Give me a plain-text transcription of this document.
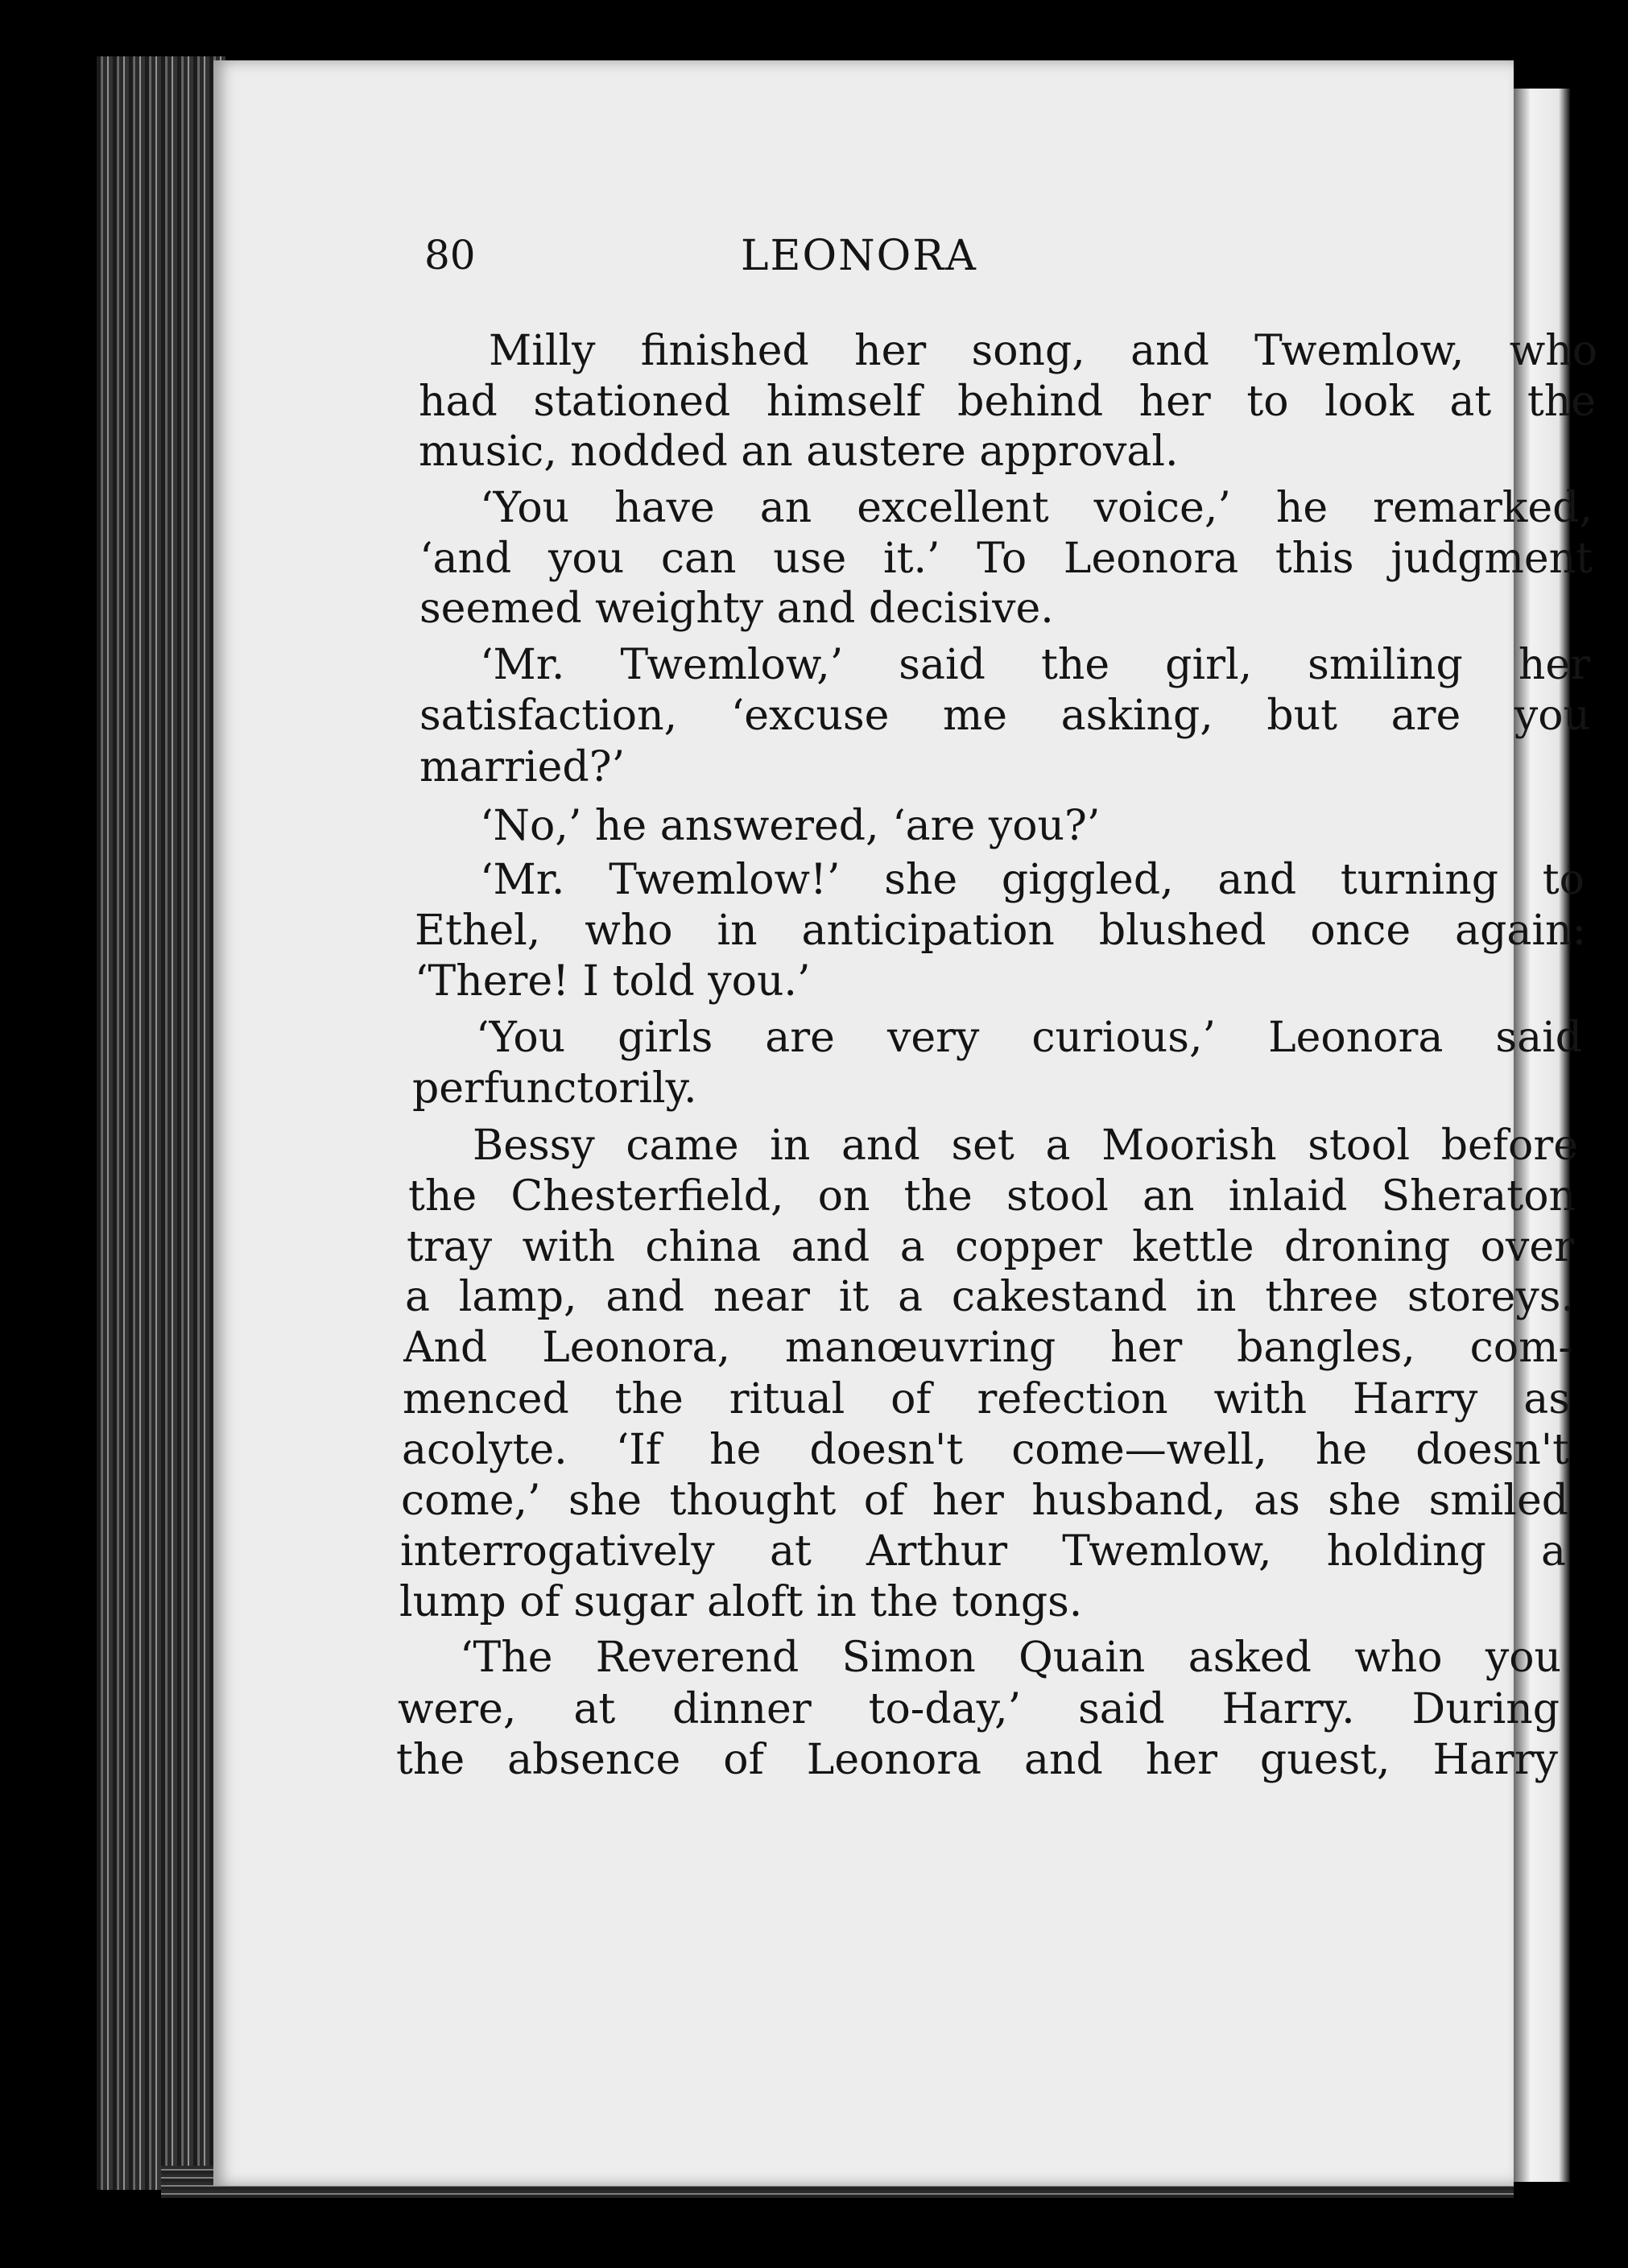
80	LEONORA
Milly finished her song, and Twemlow, who
had stationed himself behind her to look at the
music, nodded an austere approval.
‘You have an excellent voice,’ he remarked,
‘and you can use it.’ To Leonora this judgment
seemed weighty and decisive.
‘Mr. Twemlow,’ said the girl, smiling her
satisfaction, ‘excuse me asking, but are you
married?’
‘No,’ he answered, ‘are you?’
‘Mr. Twemlow!’ she giggled, and turning to
Ethel, who in anticipation blushed once again:
‘There! I told you.’
‘You girls are very curious,’ Leonora said
perfunctorily.
Bessy came in and set a Moorish stool before
the Chesterfield, on the stool an inlaid Sheraton
tray with china and a copper kettle droning over
a lamp, and near it a cakestand in three storeys.
And Leonora, manœuvring her bangles, com-
menced the ritual of refection with Harry as
acolyte. ‘If he doesn't come—well, he doesn't
come,’ she thought of her husband, as she smiled
interrogatively at Arthur Twemlow, holding a
lump of sugar aloft in the tongs.
‘The Reverend Simon Quain asked who you
were, at dinner to-day,’ said Harry. During
the absence of Leonora and her guest, Harry
